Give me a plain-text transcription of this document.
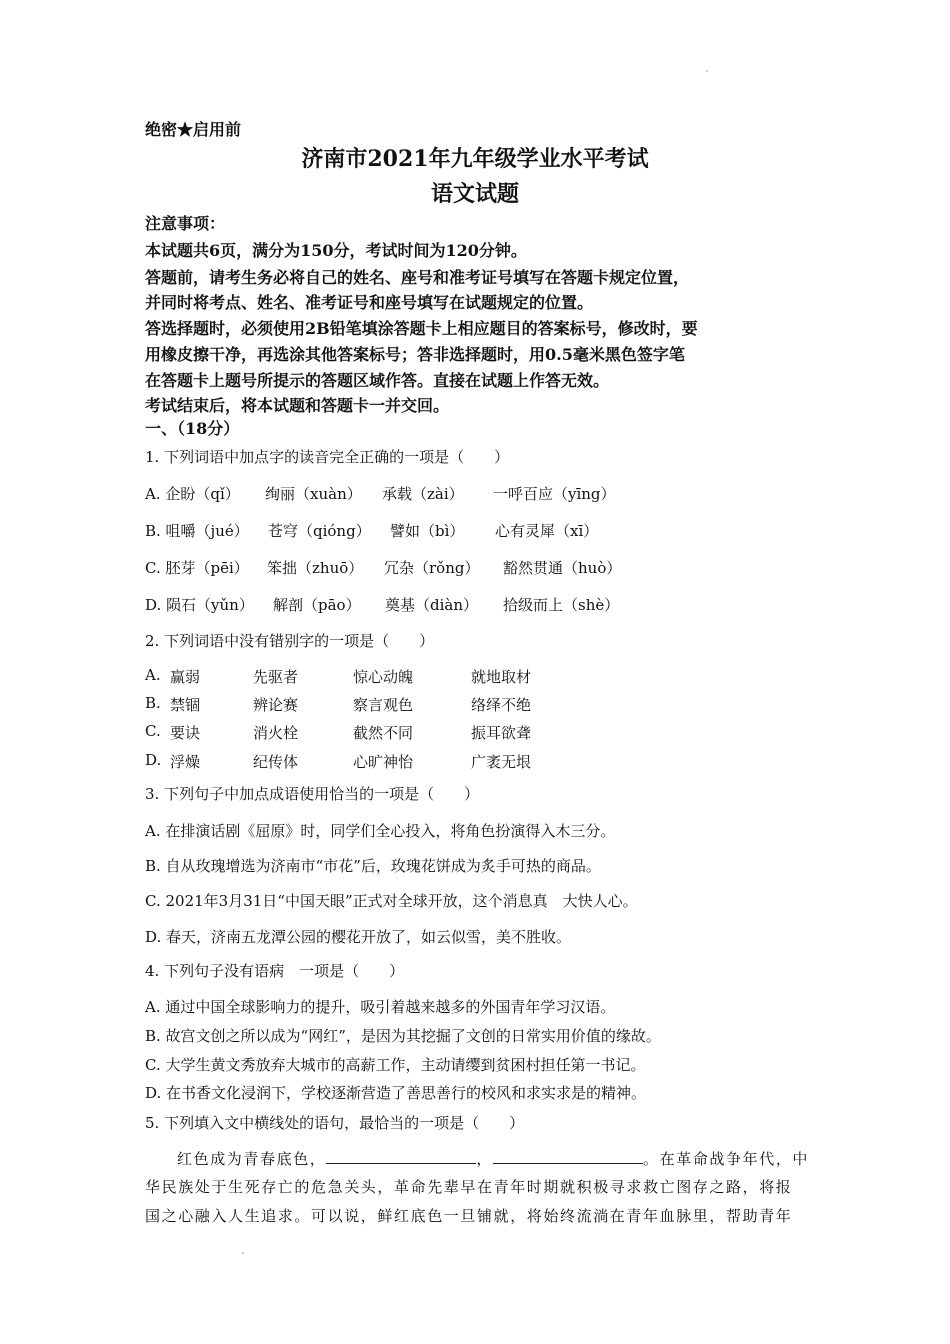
绝密★启用前
济南市2021年九年级学业水平考试
语文试题
注意事项：
本试题共6页，满分为150分，考试时间为120分钟。
答题前，请考生务必将自己的姓名、座号和准考证号填写在答题卡规定位置，
并同时将考点、姓名、准考证号和座号填写在试题规定的位置。
答选择题时，必须使用2B铅笔填涂答题卡上相应题目的答案标号，修改时，要
用橡皮擦干净，再选涂其他答案标号；答非选择题时，用0.5毫米黑色签字笔
在答题卡上题号所提示的答题区域作答。直接在试题上作答无效。
考试结束后，将本试题和答题卡一并交回。
一、（18分）
1. 下列词语中加点字的读音完全正确的一项是（　　）
A. 企盼（qǐ） 绚丽（xuàn） 承载（zài） 一呼百应（yīng）
B. 咀嚼（jué） 苍穹（qióng） 譬如（bì） 心有灵犀（xī）
C. 胚芽（pēi） 笨拙（zhuō） 冗杂（rǒng） 豁然贯通（huò）
D. 陨石（yǔn） 解剖（pāo） 奠基（diàn） 拾级而上（shè）
2. 下列词语中没有错别字的一项是（　　）
A. 赢弱	先驱者	惊心动魄	就地取材
B. 禁锢	辨论赛	察言观色	络绎不绝
C. 要诀	消火栓	截然不同	振耳欲聋
D. 浮燥	纪传体	心旷神怡	广袤无垠
3. 下列句子中加点成语使用恰当的一项是（　　）
A. 在排演话剧《屈原》时，同学们全心投入，将角色扮演得入木三分。
B. 自从玫瑰增选为济南市“市花”后，玫瑰花饼成为炙手可热的商品。
C. 2021年3月31日“中国天眼”正式对全球开放，这个消息真　大快人心。
D. 春天，济南五龙潭公园的樱花开放了，如云似雪，美不胜收。
4. 下列句子没有语病　一项是（　　）
A. 通过中国全球影响力的提升，吸引着越来越多的外国青年学习汉语。
B. 故宫文创之所以成为“网红”，是因为其挖掘了文创的日常实用价值的缘故。
C. 大学生黄文秀放弃大城市的高薪工作，主动请缨到贫困村担任第一书记。
D. 在书香文化浸润下，学校逐渐营造了善思善行的校风和求实求是的精神。
5. 下列填入文中横线处的语句，最恰当的一项是（　　）
红色成为青春底色，	，	。在革命战争年代，中
华民族处于生死存亡的危急关头，革命先辈早在青年时期就积极寻求救亡图存之路，将报
国之心融入人生追求。可以说，鲜红底色一旦铺就，将始终流淌在青年血脉里，帮助青年
